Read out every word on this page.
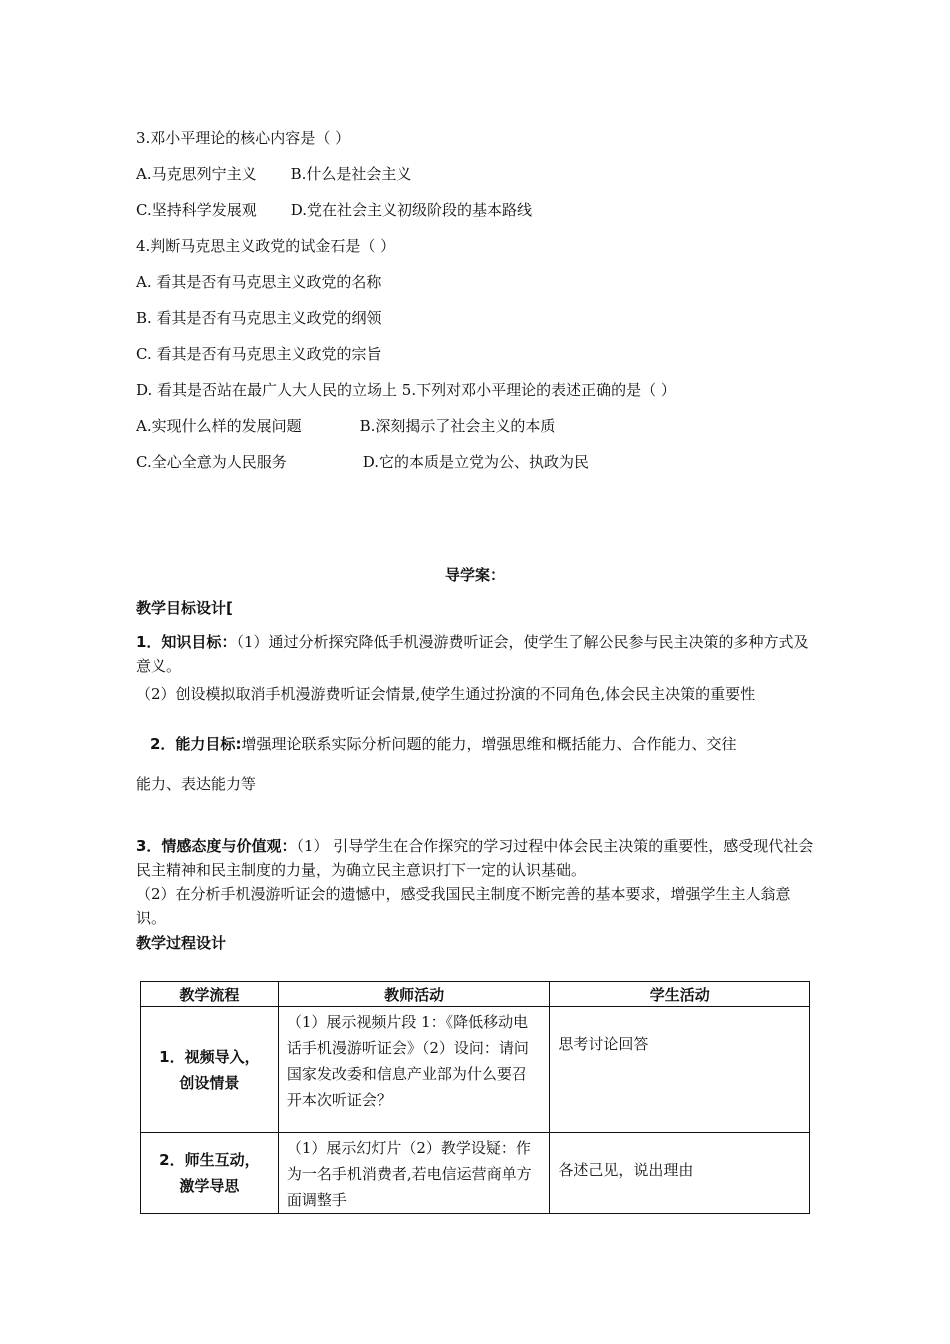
3.邓小平理论的核心内容是（ ）
A.马克思列宁主义 B.什么是社会主义
C.坚持科学发展观 D.党在社会主义初级阶段的基本路线
4.判断马克思主义政党的试金石是（ ）
A. 看其是否有马克思主义政党的名称
B. 看其是否有马克思主义政党的纲领
C. 看其是否有马克思主义政党的宗旨
D. 看其是否站在最广人大人民的立场上 5.下列对邓小平理论的表述正确的是（ ）
A.实现什么样的发展问题	B.深刻揭示了社会主义的本质
C.全心全意为人民服务	D.它的本质是立党为公、执政为民
导学案：
教学目标设计[
1．知识目标：（1）通过分析探究降低手机漫游费听证会，使学生了解公民参与民主决策的多种方式及意义。
（2）创设模拟取消手机漫游费听证会情景,使学生通过扮演的不同角色,体会民主决策的重要性
2．能力目标:增强理论联系实际分析问题的能力，增强思维和概括能力、合作能力、交往
能力、表达能力等
3．情感态度与价值观：（1） 引导学生在合作探究的学习过程中体会民主决策的重要性，感受现代社会民主精神和民主制度的力量，为确立民主意识打下一定的认识基础。
（2）在分析手机漫游听证会的遗憾中，感受我国民主制度不断完善的基本要求，增强学生主人翁意识。
教学过程设计
教学流程	教师活动	学生活动

1．视频导入，
创设情景	（1）展示视频片段 1：《降低移动电话手机漫游听证会》（2）设问：请问国家发改委和信息产业部为什么要召开本次听证会？	思考讨论回答

2．师生互动，
激学导思	（1）展示幻灯片（2）教学设疑：作为一名手机消费者,若电信运营商单方面调整手	各述己见，说出理由
